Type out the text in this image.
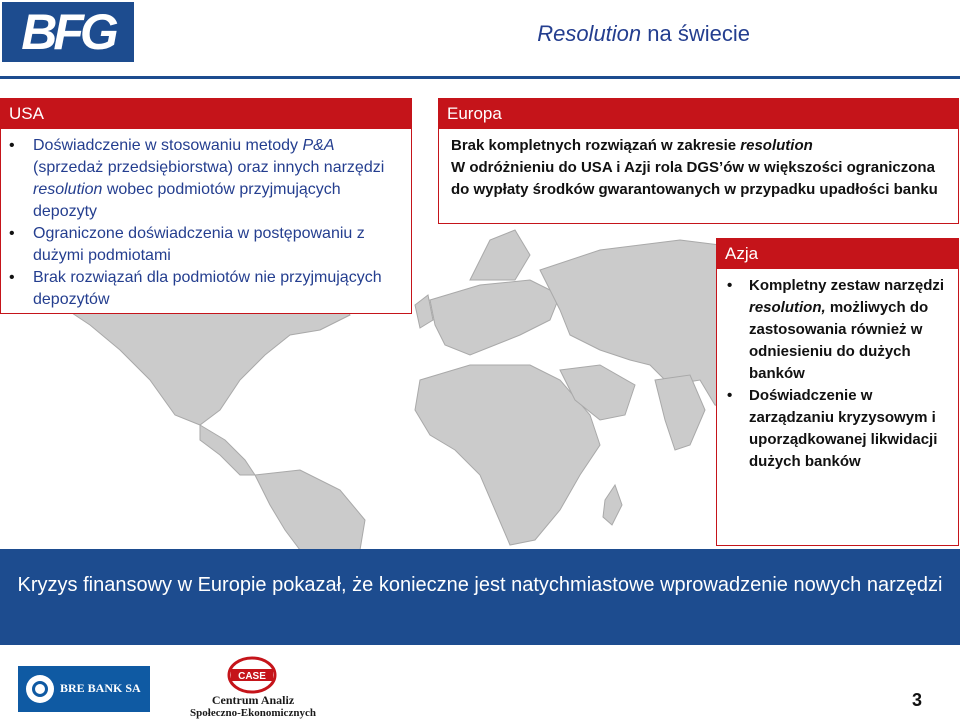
BFG	Resolution na świecie
USA
• Doświadczenie w stosowaniu metody P&A (sprzedaż przedsiębiorstwa) oraz innych narzędzi resolution wobec podmiotów przyjmujących depozyty
• Ograniczone doświadczenia w postępowaniu z dużymi podmiotami
• Brak rozwiązań dla podmiotów nie przyjmujących depozytów
Europa
Brak kompletnych rozwiązań w zakresie resolution
W odróżnieniu do USA i Azji rola DGS’ów w większości ograniczona do wypłaty środków gwarantowanych w przypadku upadłości banku
Azja
• Kompletny zestaw narzędzi resolution, możliwych do zastosowania również w odniesieniu do dużych banków
• Doświadczenie w zarządzaniu kryzysowym i uporządkowanej likwidacji dużych banków
Kryzys finansowy w Europie pokazał, że konieczne jest natychmiastowe wprowadzenie nowych narzędzi
BRE BANK SA
CASE
Centrum Analiz
Społeczno-Ekonomicznych
3
